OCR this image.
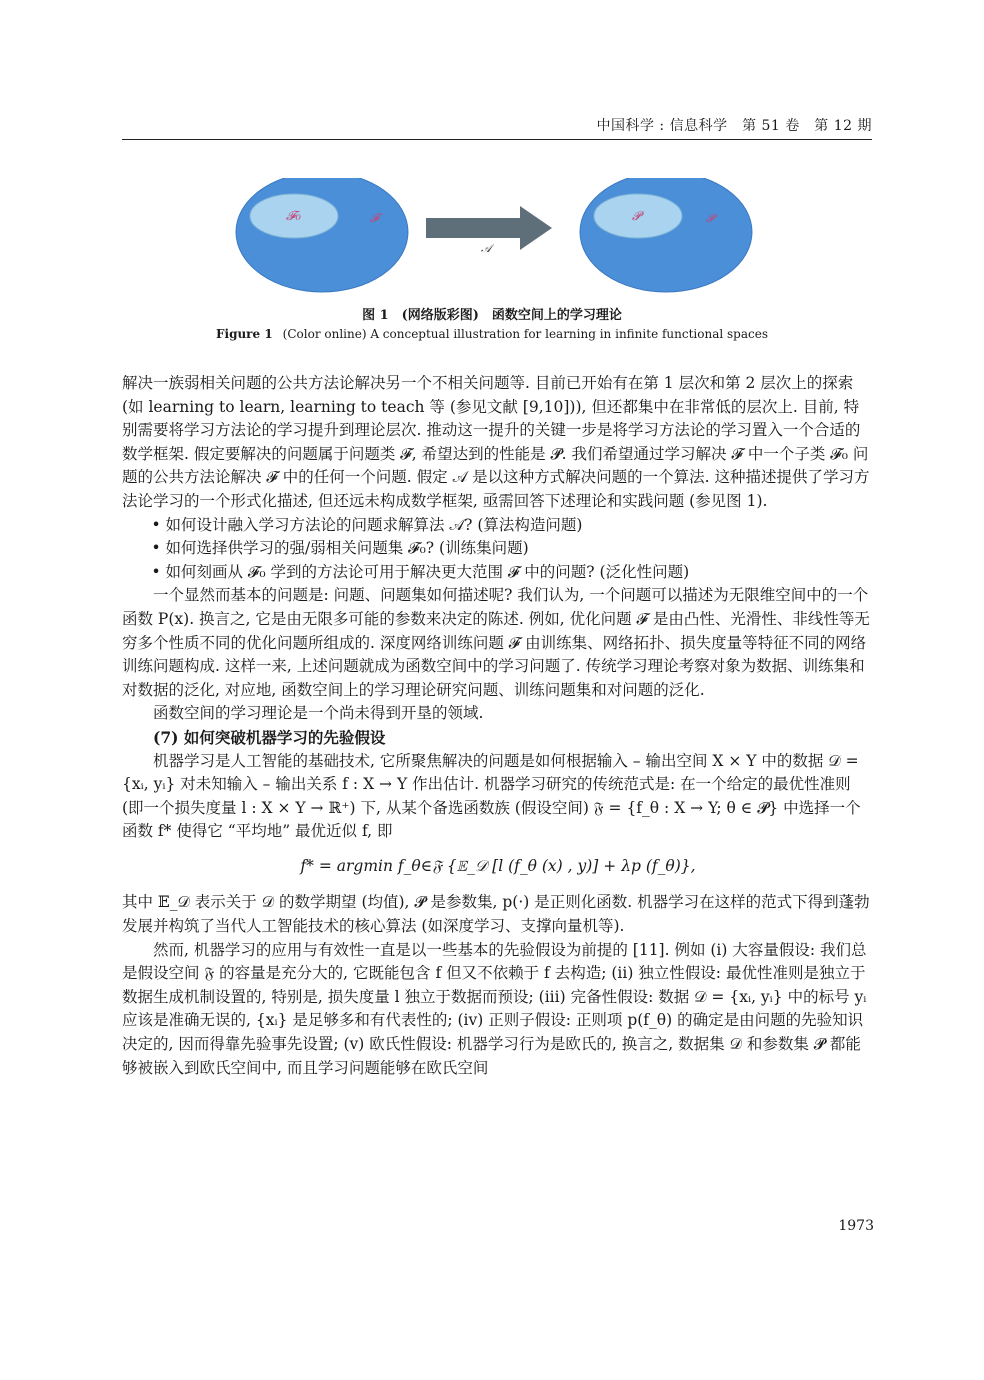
中国科学 : 信息科学　第 51 卷　第 12 期
𝓕₀	𝓕
𝒜
𝓟	𝓟
图 1　(网络版彩图)　函数空间上的学习理论
Figure 1 (Color online) A conceptual illustration for learning in infinite functional spaces

解决一族弱相关问题的公共方法论解决另一个不相关问题等. 目前已开始有在第 1 层次和第 2 层次上的探索 (如 learning to learn, learning to teach 等 (参见文献 [9,10])), 但还都集中在非常低的层次上. 目前, 特别需要将学习方法论的学习提升到理论层次. 推动这一提升的关键一步是将学习方法论的学习置入一个合适的数学框架. 假定要解决的问题属于问题类 𝓕, 希望达到的性能是 𝓟. 我们希望通过学习解决 𝓕 中一个子类 𝓕₀ 问题的公共方法论解决 𝓕 中的任何一个问题. 假定 𝒜 是以这种方式解决问题的一个算法. 这种描述提供了学习方法论学习的一个形式化描述, 但还远未构成数学框架, 亟需回答下述理论和实践问题 (参见图 1).

• 如何设计融入学习方法论的问题求解算法 𝒜? (算法构造问题)

• 如何选择供学习的强/弱相关问题集 𝓕₀? (训练集问题)

• 如何刻画从 𝓕₀ 学到的方法论可用于解决更大范围 𝓕 中的问题? (泛化性问题)

一个显然而基本的问题是: 问题、问题集如何描述呢? 我们认为, 一个问题可以描述为无限维空间中的一个函数 P(x). 换言之, 它是由无限多可能的参数来决定的陈述. 例如, 优化问题 𝓕 是由凸性、光滑性、非线性等无穷多个性质不同的优化问题所组成的. 深度网络训练问题 𝓕 由训练集、网络拓扑、损失度量等特征不同的网络训练问题构成. 这样一来, 上述问题就成为函数空间中的学习问题了. 传统学习理论考察对象为数据、训练集和对数据的泛化, 对应地, 函数空间上的学习理论研究问题、训练问题集和对问题的泛化.

函数空间的学习理论是一个尚未得到开垦的领域.

(7) 如何突破机器学习的先验假设

机器学习是人工智能的基础技术, 它所聚焦解决的问题是如何根据输入 – 输出空间 X × Y 中的数据 𝒟 = {xᵢ, yᵢ} 对未知输入 – 输出关系 f : X → Y 作出估计. 机器学习研究的传统范式是: 在一个给定的最优性准则 (即一个损失度量 l : X × Y → ℝ⁺) 下, 从某个备选函数族 (假设空间) 𝔉 = {f_θ : X → Y; θ ∈ 𝓟} 中选择一个函数 f* 使得它 “平均地” 最优近似 f, 即

f* = argmin f_θ∈𝔉 {𝔼_𝒟 [l (f_θ (x) , y)] + λp (f_θ)},

其中 𝔼_𝒟 表示关于 𝒟 的数学期望 (均值), 𝓟 是参数集, p(·) 是正则化函数. 机器学习在这样的范式下得到蓬勃发展并构筑了当代人工智能技术的核心算法 (如深度学习、支撑向量机等).

然而, 机器学习的应用与有效性一直是以一些基本的先验假设为前提的 [11]. 例如 (i) 大容量假设: 我们总是假设空间 𝔉 的容量是充分大的, 它既能包含 f 但又不依赖于 f 去构造; (ii) 独立性假设: 最优性准则是独立于数据生成机制设置的, 特别是, 损失度量 l 独立于数据而预设; (iii) 完备性假设: 数据 𝒟 = {xᵢ, yᵢ} 中的标号 yᵢ 应该是准确无误的, {xᵢ} 是足够多和有代表性的; (iv) 正则子假设: 正则项 p(f_θ) 的确定是由问题的先验知识决定的, 因而得靠先验事先设置; (v) 欧氏性假设: 机器学习行为是欧氏的, 换言之, 数据集 𝒟 和参数集 𝓟 都能够被嵌入到欧氏空间中, 而且学习问题能够在欧氏空间

1973
